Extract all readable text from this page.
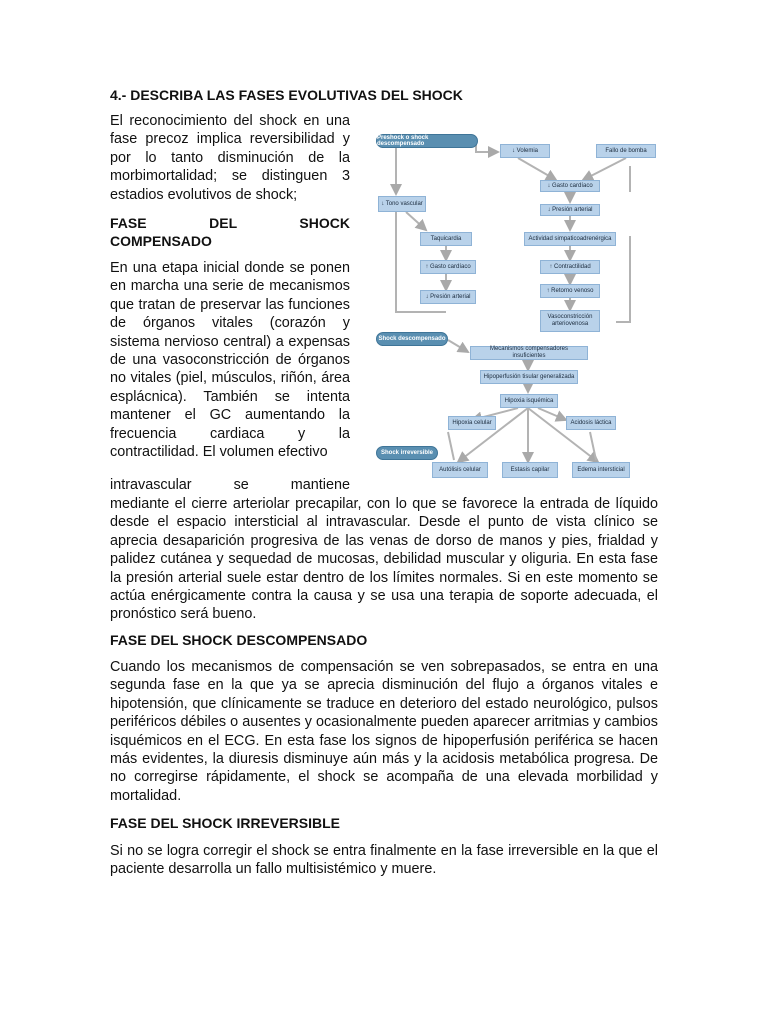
4.- DESCRIBA LAS FASES EVOLUTIVAS DEL SHOCK
El reconocimiento del shock en una fase precoz implica reversibilidad y por lo tanto disminución de la morbimortalidad; se distinguen 3 estadios evolutivos de shock;
FASE DEL SHOCK
COMPENSADO
En una etapa inicial donde se ponen en marcha una serie de mecanismos que tratan de preservar las funciones de órganos vitales (corazón y sistema nervioso central) a expensas de una vasoconstricción de órganos no vitales (piel, músculos, riñón, área esplácnica). También se intenta mantener el GC aumentando la frecuencia cardiaca y la contractilidad. El volumen efectivo
intravascular se mantiene
mediante el cierre arteriolar precapilar, con lo que se favorece la entrada de líquido desde el espacio intersticial al intravascular. Desde el punto de vista clínico se aprecia desaparición progresiva de las venas de dorso de manos y pies, frialdad y palidez cutánea y sequedad de mucosas, debilidad muscular y oliguria. En esta fase la presión arterial suele estar dentro de los límites normales. Si en este momento se actúa enérgicamente contra la causa y se usa una terapia de soporte adecuada, el pronóstico será bueno.
FASE DEL SHOCK DESCOMPENSADO
Cuando los mecanismos de compensación se ven sobrepasados, se entra en una segunda fase en la que ya se aprecia disminución del flujo a órganos vitales e hipotensión, que clínicamente se traduce en deterioro del estado neurológico, pulsos periféricos débiles o ausentes y ocasionalmente pueden aparecer arritmias y cambios isquémicos en el ECG. En esta fase los signos de hipoperfusión periférica se hacen más evidentes, la diuresis disminuye aún más y la acidosis metabólica progresa. De no corregirse rápidamente, el shock se acompaña de una elevada morbilidad y mortalidad.
FASE DEL SHOCK IRREVERSIBLE
Si no se logra corregir el shock se entra finalmente en la fase irreversible en la que el paciente desarrolla un fallo multisistémico y muere.
Preshock o shock descompensado
↓ Volemia	Fallo de bomba
↓ Gasto cardíaco
↓ Presión arterial
↓ Tono vascular
Taquicardia	Actividad simpaticoadrenérgica
↑ Gasto cardíaco	↑ Contractilidad
↓ Presión arterial
↑ Retorno venoso
Vasoconstricción arteriovenosa
Shock descompensado
Mecanismos compensadores insuficientes
Hipoperfusión tisular generalizada
Hipoxia isquémica
Hipoxia celular	Acidosis láctica
Shock irreversible
Autólisis celular	Estasis capilar	Edema intersticial
